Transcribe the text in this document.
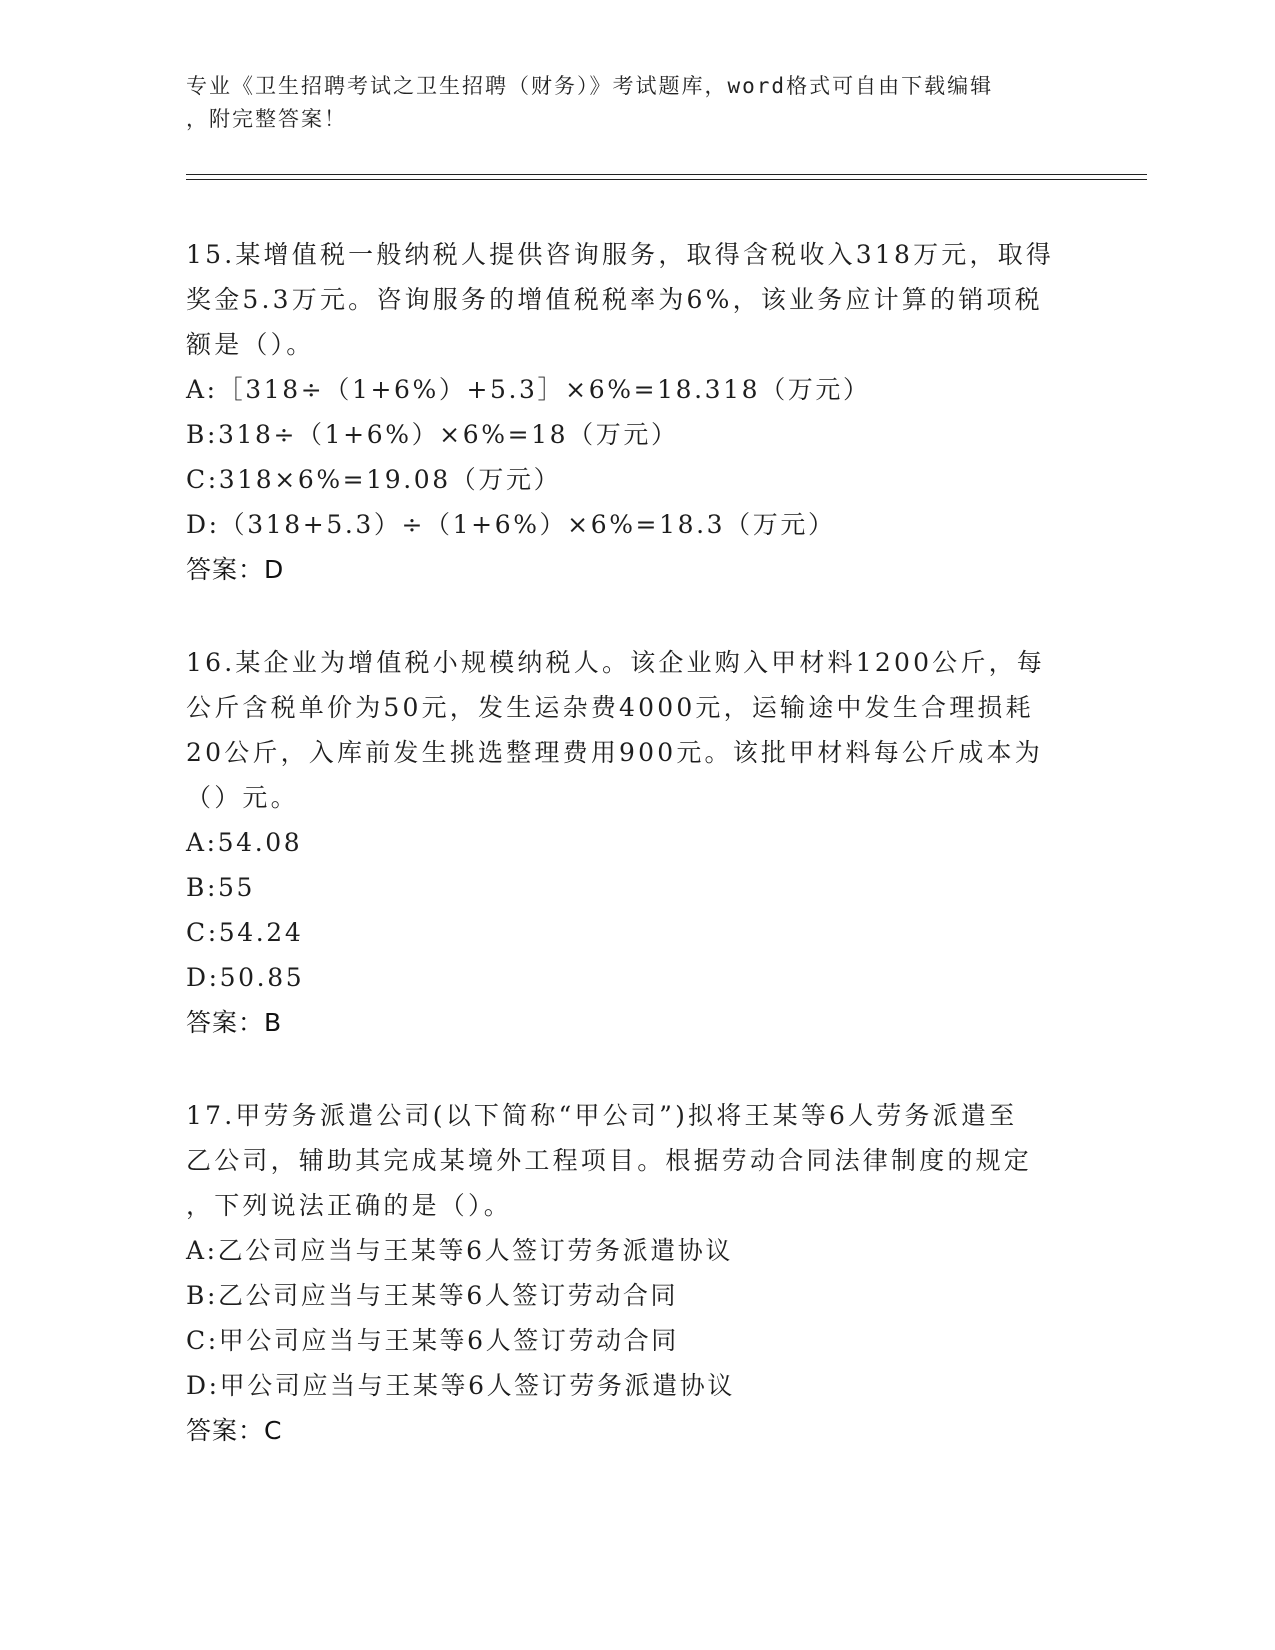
专业《卫生招聘考试之卫生招聘（财务）》考试题库，word格式可自由下载编辑
，附完整答案！
15.某增值税一般纳税人提供咨询服务，取得含税收入318万元，取得
奖金5.3万元。咨询服务的增值税税率为6%，该业务应计算的销项税
额是（）。
A:［318÷（1+6%）+5.3］×6%=18.318（万元）
B:318÷（1+6%）×6%=18（万元）
C:318×6%=19.08（万元）
D:（318+5.3）÷（1+6%）×6%=18.3（万元）
答案：D
16.某企业为增值税小规模纳税人。该企业购入甲材料1200公斤，每
公斤含税单价为50元，发生运杂费4000元，运输途中发生合理损耗
20公斤，入库前发生挑选整理费用900元。该批甲材料每公斤成本为
（）元。
A:54.08
B:55
C:54.24
D:50.85
答案：B
17.甲劳务派遣公司(以下简称“甲公司”)拟将王某等6人劳务派遣至
乙公司，辅助其完成某境外工程项目。根据劳动合同法律制度的规定
，下列说法正确的是（）。
A:乙公司应当与王某等6人签订劳务派遣协议
B:乙公司应当与王某等6人签订劳动合同
C:甲公司应当与王某等6人签订劳动合同
D:甲公司应当与王某等6人签订劳务派遣协议
答案：C
